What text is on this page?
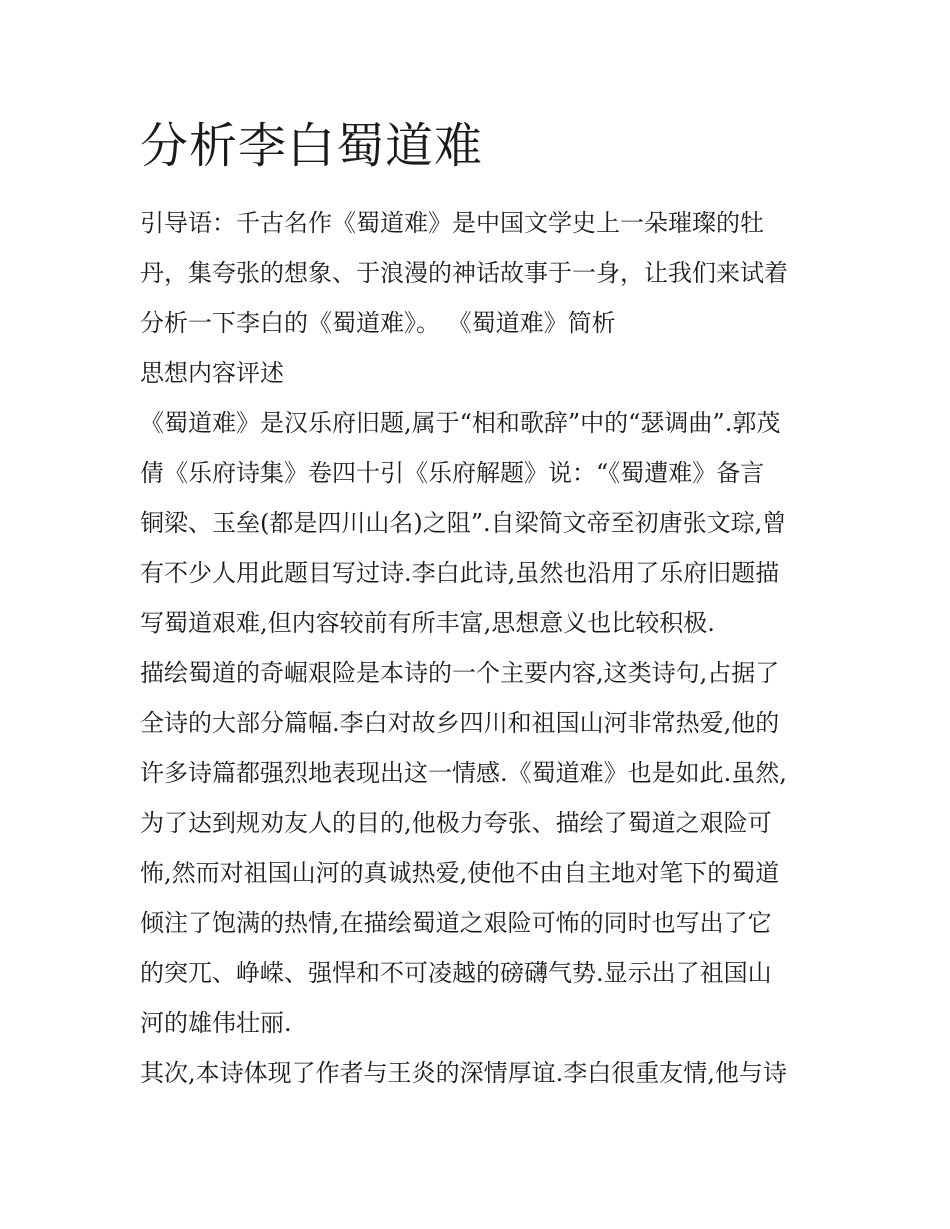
分析李白蜀道难

引导语：千古名作《蜀道难》是中国文学史上一朵璀璨的牡

丹，集夸张的想象、于浪漫的神话故事于一身，让我们来试着

分析一下李白的《蜀道难》。 《蜀道难》简析

思想内容评述

《蜀道难》是汉乐府旧题,属于“相和歌辞”中的“瑟调曲”.郭茂

倩《乐府诗集》卷四十引《乐府解题》说：“《蜀遭难》备言

铜梁、玉垒(都是四川山名)之阻”.自梁简文帝至初唐张文琮,曾

有不少人用此题目写过诗.李白此诗,虽然也沿用了乐府旧题描

写蜀道艰难,但内容较前有所丰富,思想意义也比较积极.

描绘蜀道的奇崛艰险是本诗的一个主要内容,这类诗句,占据了

全诗的大部分篇幅.李白对故乡四川和祖国山河非常热爱,他的

许多诗篇都强烈地表现出这一情感.《蜀道难》也是如此.虽然,

为了达到规劝友人的目的,他极力夸张、描绘了蜀道之艰险可

怖,然而对祖国山河的真诚热爱,使他不由自主地对笔下的蜀道

倾注了饱满的热情,在描绘蜀道之艰险可怖的同时也写出了它

的突兀、峥嵘、强悍和不可凌越的磅礴气势.显示出了祖国山

河的雄伟壮丽.

其次,本诗体现了作者与王炎的深情厚谊.李白很重友情,他与诗
